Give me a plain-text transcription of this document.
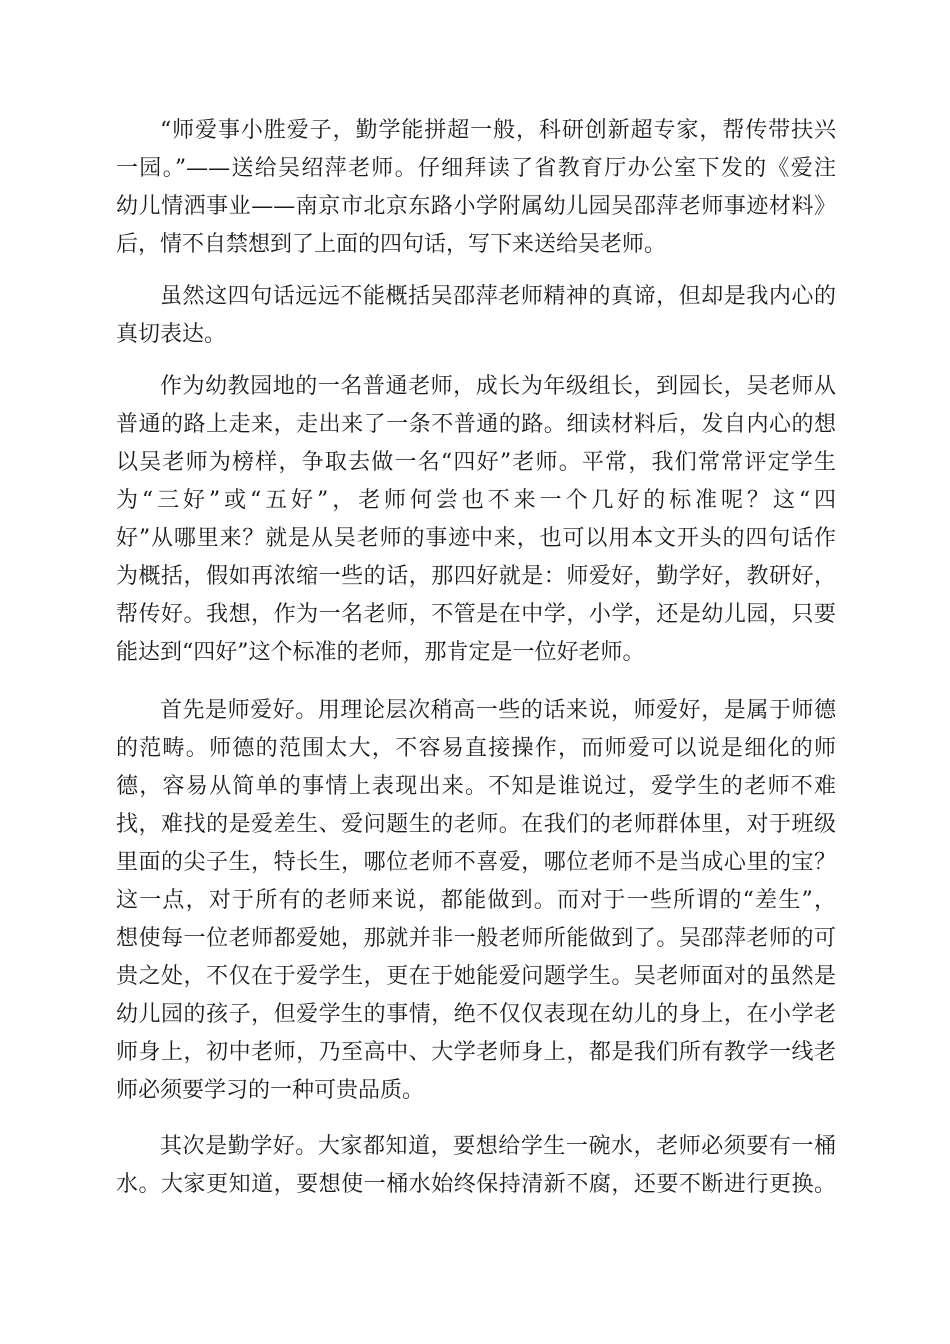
“师爱事小胜爱子，勤学能拼超一般，科研创新超专家，帮传带扶兴
一园。”——送给吴绍萍老师。仔细拜读了省教育厅办公室下发的《爱注
幼儿情洒事业——南京市北京东路小学附属幼儿园吴邵萍老师事迹材料》
后，情不自禁想到了上面的四句话，写下来送给吴老师。
虽然这四句话远远不能概括吴邵萍老师精神的真谛，但却是我内心的
真切表达。
作为幼教园地的一名普通老师，成长为年级组长，到园长，吴老师从
普通的路上走来，走出来了一条不普通的路。细读材料后，发自内心的想
以吴老师为榜样，争取去做一名“四好”老师。平常，我们常常评定学生
为“三好”或“五好”，老师何尝也不来一个几好的标准呢？这“四
好”从哪里来？就是从吴老师的事迹中来，也可以用本文开头的四句话作
为概括，假如再浓缩一些的话，那四好就是：师爱好，勤学好，教研好，
帮传好。我想，作为一名老师，不管是在中学，小学，还是幼儿园，只要
能达到“四好”这个标准的老师，那肯定是一位好老师。
首先是师爱好。用理论层次稍高一些的话来说，师爱好，是属于师德
的范畴。师德的范围太大，不容易直接操作，而师爱可以说是细化的师
德，容易从简单的事情上表现出来。不知是谁说过，爱学生的老师不难
找，难找的是爱差生、爱问题生的老师。在我们的老师群体里，对于班级
里面的尖子生，特长生，哪位老师不喜爱，哪位老师不是当成心里的宝？
这一点，对于所有的老师来说，都能做到。而对于一些所谓的“差生”，
想使每一位老师都爱她，那就并非一般老师所能做到了。吴邵萍老师的可
贵之处，不仅在于爱学生，更在于她能爱问题学生。吴老师面对的虽然是
幼儿园的孩子，但爱学生的事情，绝不仅仅表现在幼儿的身上，在小学老
师身上，初中老师，乃至高中、大学老师身上，都是我们所有教学一线老
师必须要学习的一种可贵品质。
其次是勤学好。大家都知道，要想给学生一碗水，老师必须要有一桶
水。大家更知道，要想使一桶水始终保持清新不腐，还要不断进行更换。
